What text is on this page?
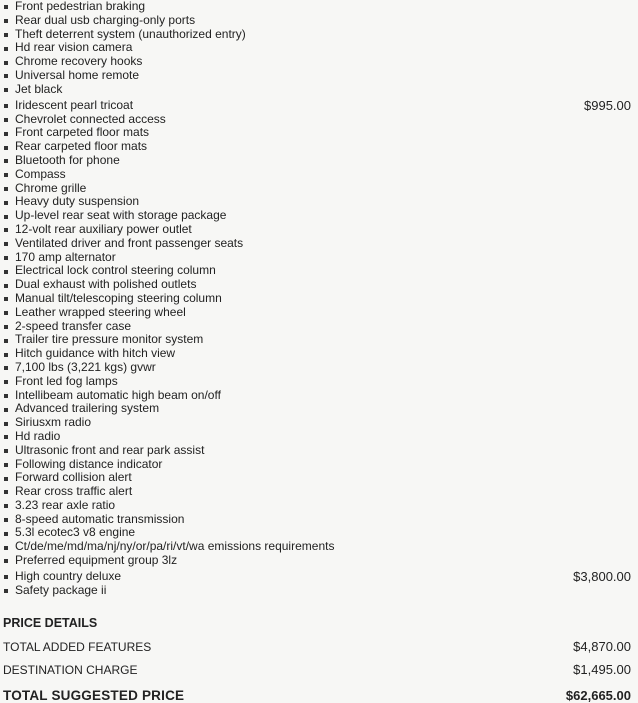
Front pedestrian braking
Rear dual usb charging-only ports
Theft deterrent system (unauthorized entry)
Hd rear vision camera
Chrome recovery hooks
Universal home remote
Jet black
Iridescent pearl tricoat	$995.00
Chevrolet connected access
Front carpeted floor mats
Rear carpeted floor mats
Bluetooth for phone
Compass
Chrome grille
Heavy duty suspension
Up-level rear seat with storage package
12-volt rear auxiliary power outlet
Ventilated driver and front passenger seats
170 amp alternator
Electrical lock control steering column
Dual exhaust with polished outlets
Manual tilt/telescoping steering column
Leather wrapped steering wheel
2-speed transfer case
Trailer tire pressure monitor system
Hitch guidance with hitch view
7,100 lbs (3,221 kgs) gvwr
Front led fog lamps
Intellibeam automatic high beam on/off
Advanced trailering system
Siriusxm radio
Hd radio
Ultrasonic front and rear park assist
Following distance indicator
Forward collision alert
Rear cross traffic alert
3.23 rear axle ratio
8-speed automatic transmission
5.3l ecotec3 v8 engine
Ct/de/me/md/ma/nj/ny/or/pa/ri/vt/wa emissions requirements
Preferred equipment group 3lz
High country deluxe	$3,800.00
Safety package ii
PRICE DETAILS
TOTAL ADDED FEATURES	$4,870.00
DESTINATION CHARGE	$1,495.00
TOTAL SUGGESTED PRICE	$62,665.00
